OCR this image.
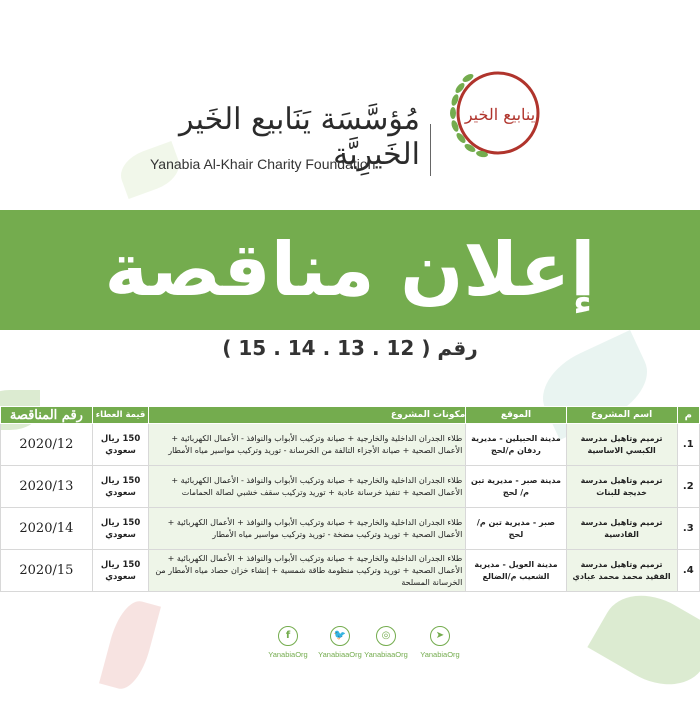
ينابيع الخير
مُؤسَّسَة يَنَابيع الخَير الخَيرِيَّة
Yanabia Al-Khair Charity Foundation
إعلان مناقصة
رقم ( 12 . 13 . 14 . 15 )
م	اسم المشروع	الموقع	مكونات المشروع	قيمة العطاء	رقم المناقصة
1.	ترميم وتاهيل مدرسة الكبسي الاساسية	مدينة الحبيلين - مديرية ردفان م/لحج	طلاء الجدران الداخلية والخارجية + صيانة وتركيب الأبواب والنوافذ - الأعمال الكهربائية + الأعمال الصحية + صيانة الأجزاء التالفة من الخرسانة - توريد وتركيب مواسير مياه الأمطار	150 ريال سعودي	2020/12
2.	ترميم وتاهيل مدرسة خديجة للبنات	مدينة صبر - مديرية تبن م/ لحج	طلاء الجدران الداخلية والخارجية + صيانة وتركيب الأبواب والنوافذ - الأعمال الكهربائية + الأعمال الصحية + تنفيذ خرسانة عادية + توريد وتركيب سقف خشبي لصالة الحمامات	150 ريال سعودي	2020/13
3.	ترميم وتاهيل مدرسة القادسية	صبر - مديرية تبن م/ لحج	طلاء الجدران الداخلية والخارجية + صيانة وتركيب الأبواب والنوافذ + الأعمال الكهربائية + الأعمال الصحية + توريد وتركيب مضخة - توريد وتركيب مواسير مياه الأمطار	150 ريال سعودي	2020/14
4.	ترميم وتاهيل مدرسة الفقيد محمد محمد عبادي	مدينة العويل - مديرية الشعيب م/الضالع	طلاء الجدران الداخلية والخارجية + صيانة وتركيب الأبواب والنوافذ + الأعمال الكهربائية + الأعمال الصحية + توريد وتركيب منظومة طاقة شمسية + إنشاء خزان حصاد مياه الأمطار من الخرسانة المسلحة	150 ريال سعودي	2020/15
f
YanabiaOrg
🐦
YanabiaaOrg
◎
YanabiaaOrg
➤
YanabiaOrg
